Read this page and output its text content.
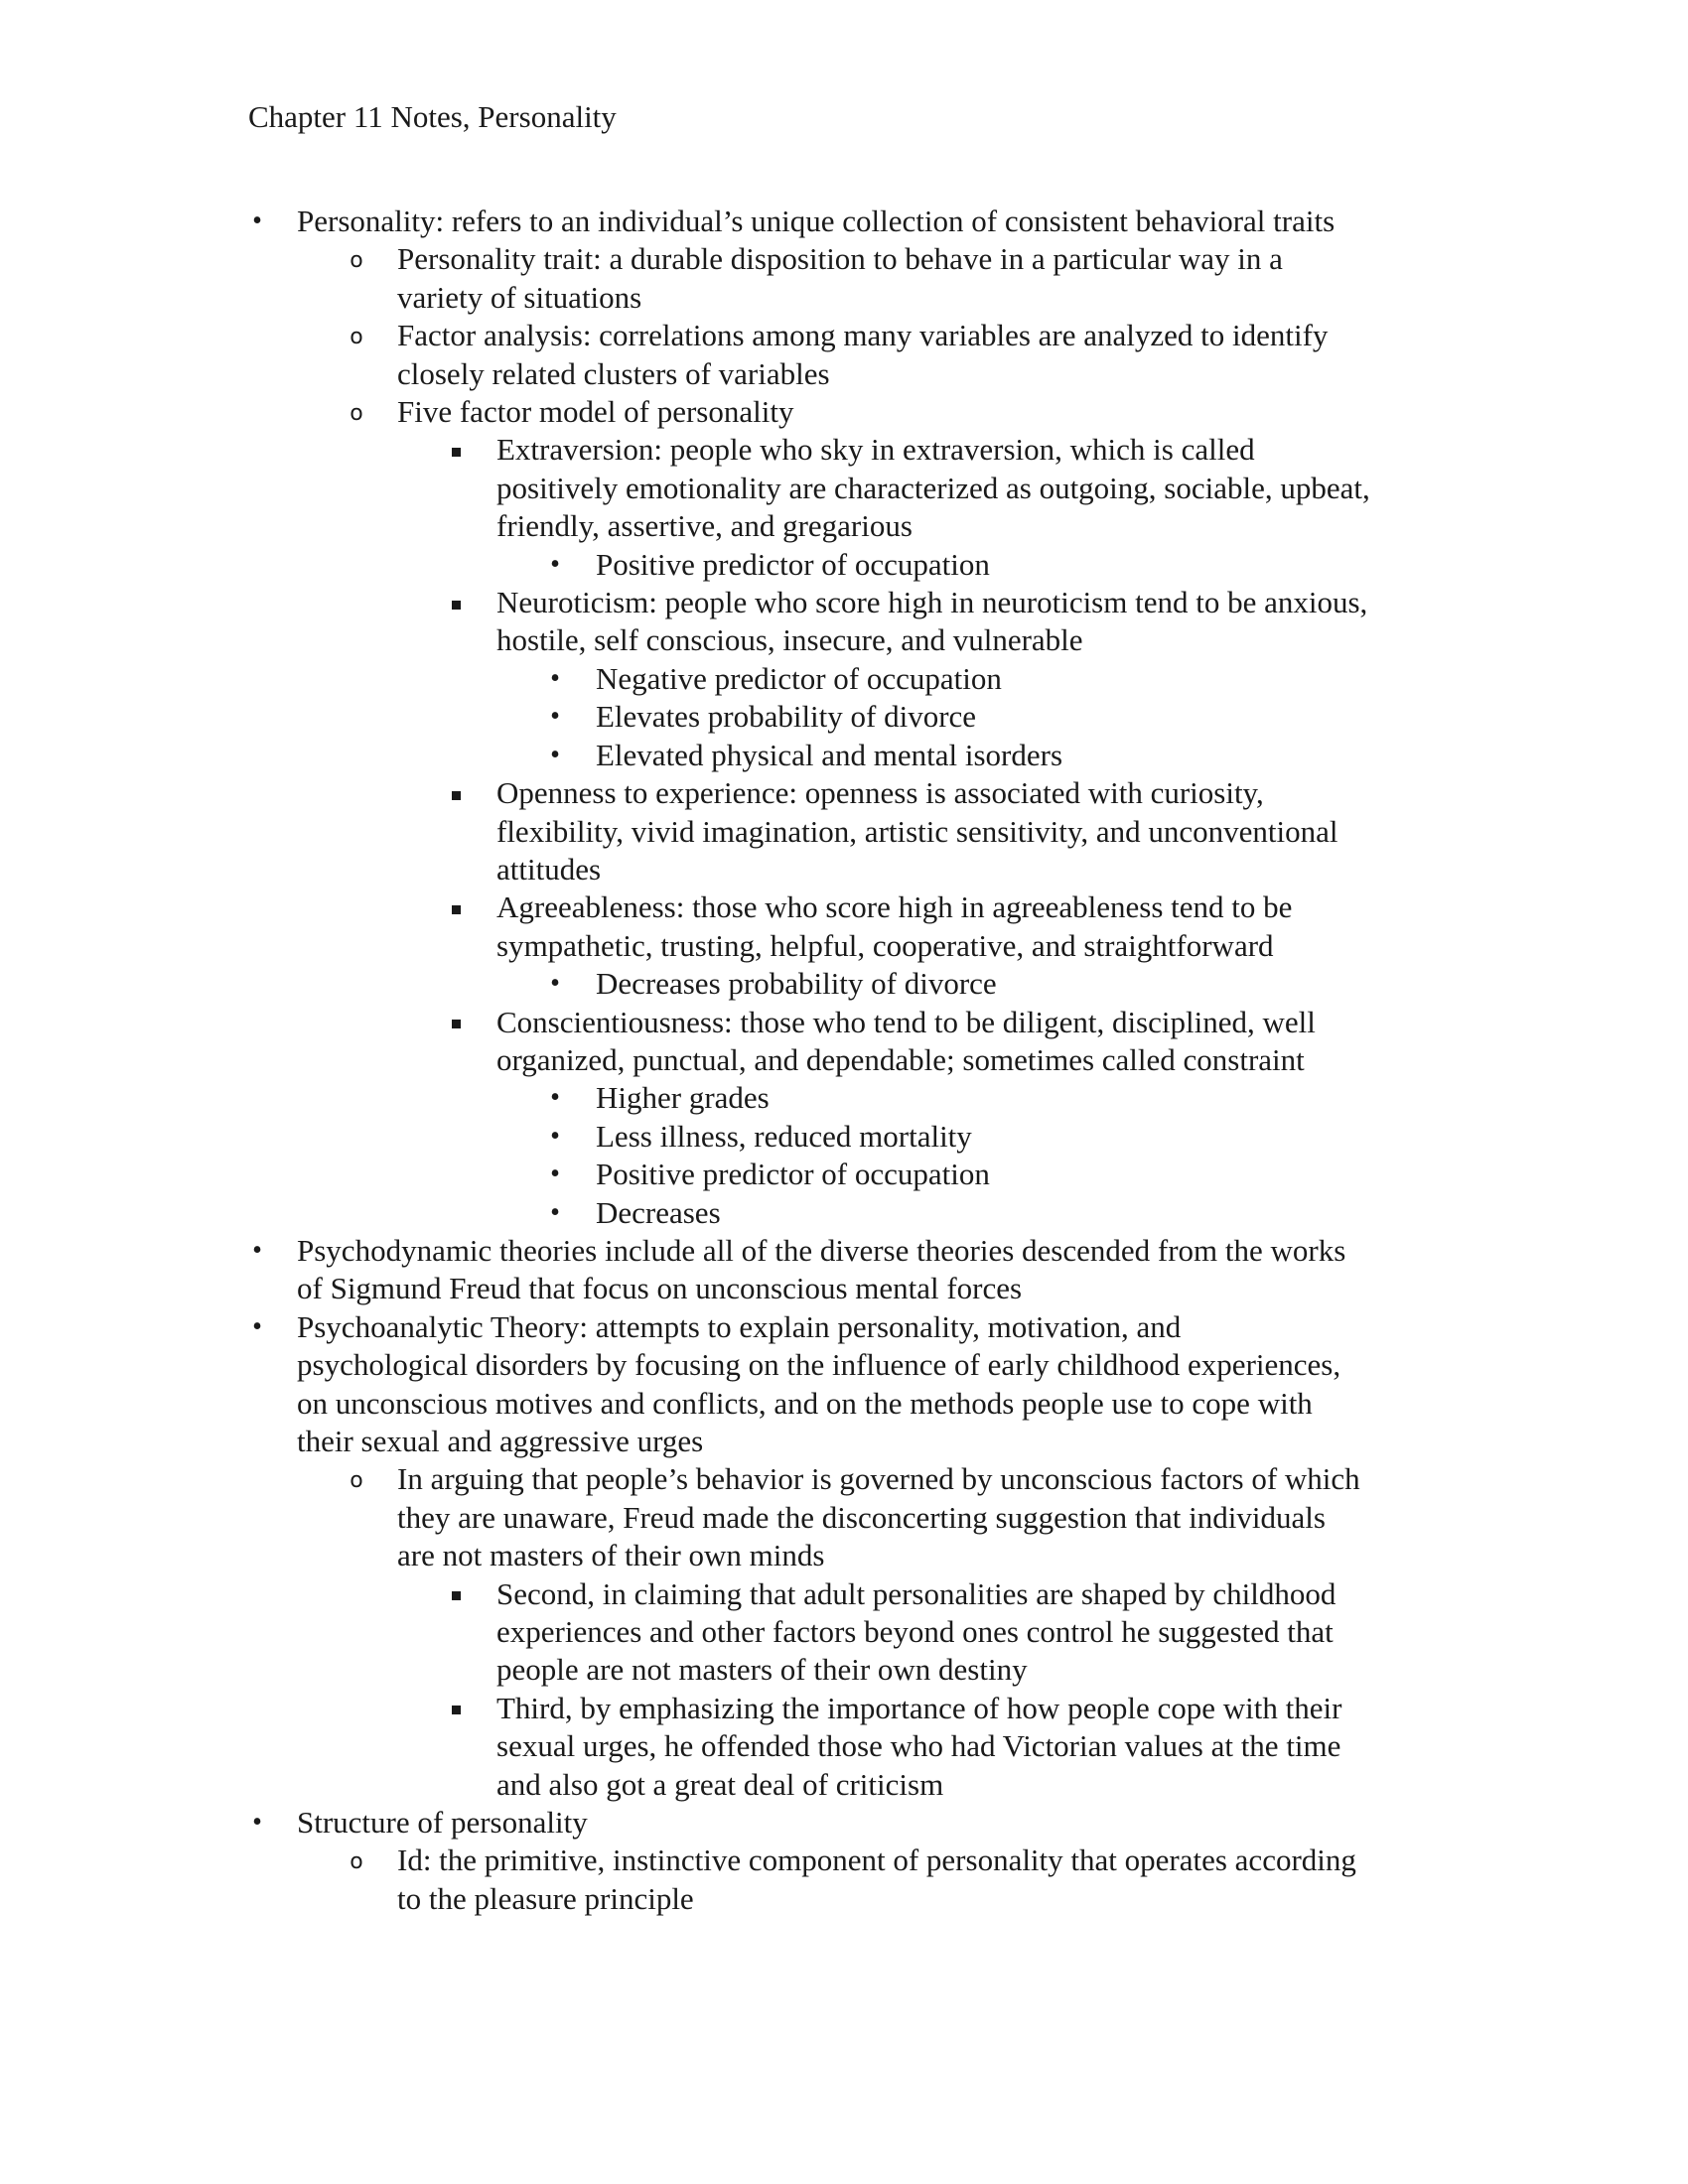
Chapter 11 Notes, Personality
•
Personality: refers to an individual’s unique collection of consistent behavioral traits
o
Personality trait: a durable disposition to behave in a particular way in a
variety of situations
o
Factor analysis: correlations among many variables are analyzed to identify
closely related clusters of variables
o
Five factor model of personality
Extraversion: people who sky in extraversion, which is called
positively emotionality are characterized as outgoing, sociable, upbeat,
friendly, assertive, and gregarious
•
Positive predictor of occupation
Neuroticism: people who score high in neuroticism tend to be anxious,
hostile, self conscious, insecure, and vulnerable
•
Negative predictor of occupation
•
Elevates probability of divorce
•
Elevated physical and mental isorders
Openness to experience: openness is associated with curiosity,
flexibility, vivid imagination, artistic sensitivity, and unconventional
attitudes
Agreeableness: those who score high in agreeableness tend to be
sympathetic, trusting, helpful, cooperative, and straightforward
•
Decreases probability of divorce
Conscientiousness: those who tend to be diligent, disciplined, well
organized, punctual, and dependable; sometimes called constraint
•
Higher grades
•
Less illness, reduced mortality
•
Positive predictor of occupation
•
Decreases
•
Psychodynamic theories include all of the diverse theories descended from the works
of Sigmund Freud that focus on unconscious mental forces
•
Psychoanalytic Theory: attempts to explain personality, motivation, and
psychological disorders by focusing on the influence of early childhood experiences,
on unconscious motives and conflicts, and on the methods people use to cope with
their sexual and aggressive urges
o
In arguing that people’s behavior is governed by unconscious factors of which
they are unaware, Freud made the disconcerting suggestion that individuals
are not masters of their own minds
Second, in claiming that adult personalities are shaped by childhood
experiences and other factors beyond ones control he suggested that
people are not masters of their own destiny
Third, by emphasizing the importance of how people cope with their
sexual urges, he offended those who had Victorian values at the time
and also got a great deal of criticism
•
Structure of personality
o
Id: the primitive, instinctive component of personality that operates according
to the pleasure principle
